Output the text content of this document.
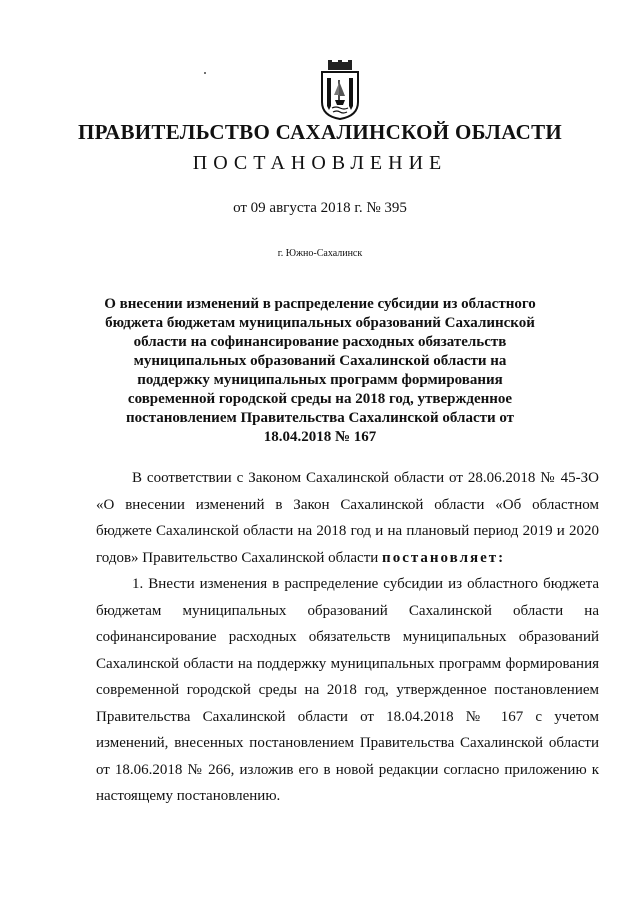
ПРАВИТЕЛЬСТВО САХАЛИНСКОЙ ОБЛАСТИ
ПОСТАНОВЛЕНИЕ
от 09 августа 2018 г. № 395
г. Южно-Сахалинск
О внесении изменений в распределение субсидии из областного бюджета бюджетам муниципальных образований Сахалинской области на софинансирование расходных обязательств муниципальных образований Сахалинской области на поддержку муниципальных программ формирования современной городской среды на 2018 год, утвержденное постановлением Правительства Сахалинской области от 18.04.2018 № 167

В соответствии с Законом Сахалинской области от 28.06.2018 № 45-ЗО «О внесении изменений в Закон Сахалинской области «Об областном бюджете Сахалинской области на 2018 год и на плановый период 2019 и 2020 годов» Правительство Сахалинской области постановляет:

1. Внести изменения в распределение субсидии из областного бюджета бюджетам муниципальных образований Сахалинской области на софинансирование расходных обязательств муниципальных образований Сахалинской области на поддержку муниципальных программ формирования современной городской среды на 2018 год, утвержденное постановлением Правительства Сахалинской области от 18.04.2018 № 167 с учетом изменений, внесенных постановлением Правительства Сахалинской области от 18.06.2018 № 266, изложив его в новой редакции согласно приложению к настоящему постановлению.
